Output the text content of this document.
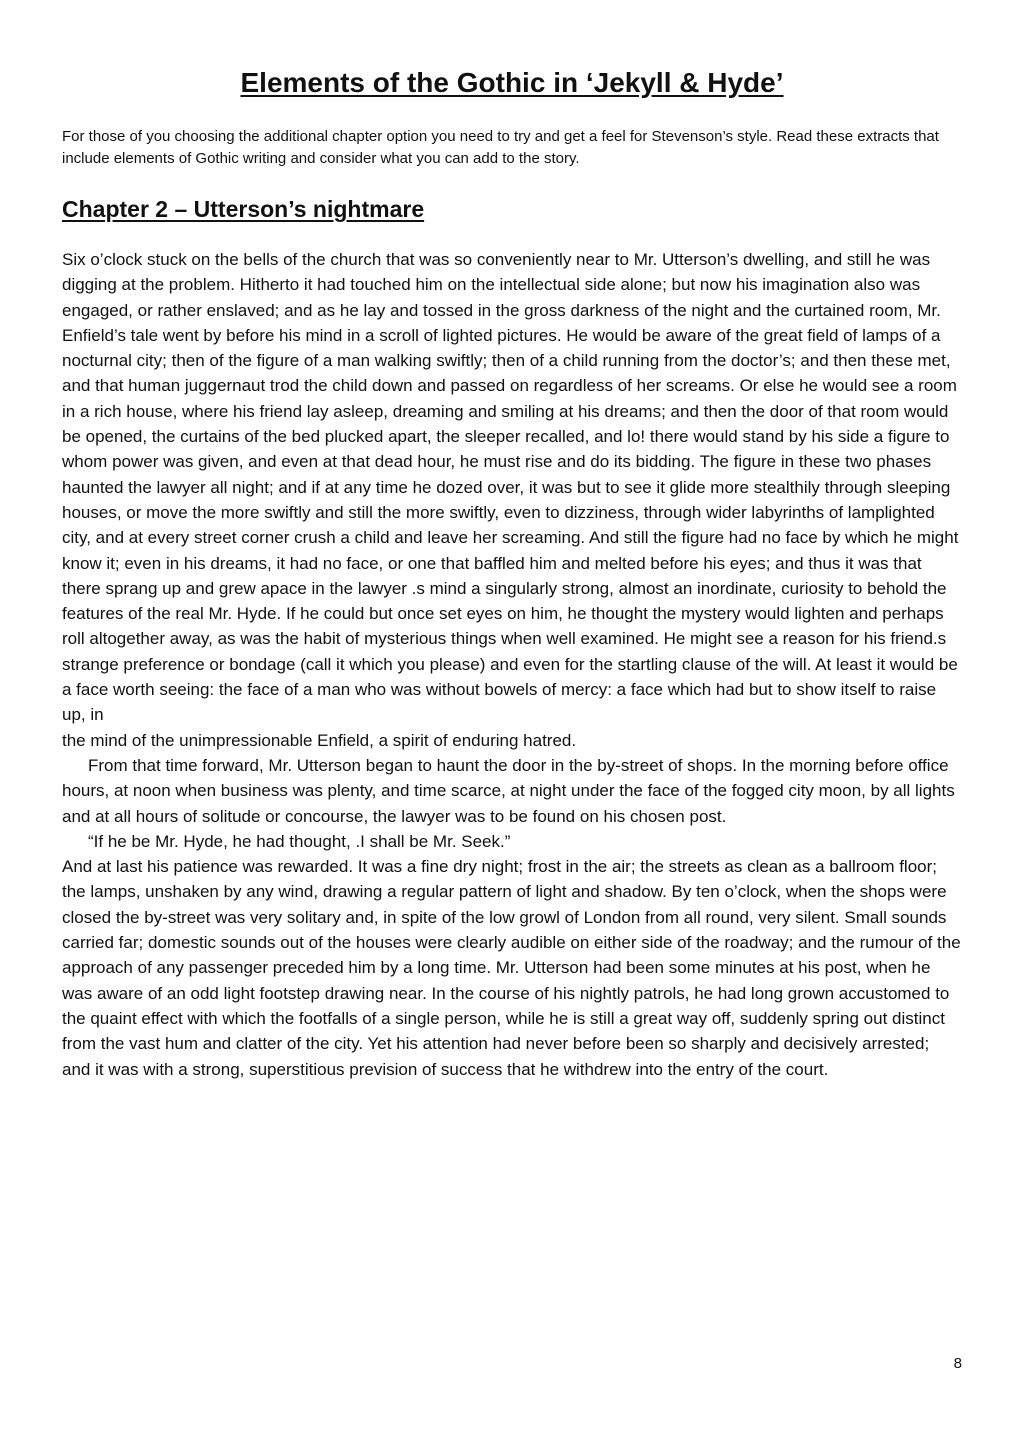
Elements of the Gothic in ‘Jekyll & Hyde’

For those of you choosing the additional chapter option you need to try and get a feel for Stevenson’s style. Read these extracts that include elements of Gothic writing and consider what you can add to the story.

Chapter 2 – Utterson’s nightmare

Six o’clock stuck on the bells of the church that was so conveniently near to Mr. Utterson’s dwelling, and still he was digging at the problem. Hitherto it had touched him on the intellectual side alone; but now his imagination also was engaged, or rather enslaved; and as he lay and tossed in the gross darkness of the night and the curtained room, Mr. Enfield’s tale went by before his mind in a scroll of lighted pictures. He would be aware of the great field of lamps of a nocturnal city; then of the figure of a man walking swiftly; then of a child running from the doctor’s; and then these met, and that human juggernaut trod the child down and passed on regardless of her screams. Or else he would see a room in a rich house, where his friend lay asleep, dreaming and smiling at his dreams; and then the door of that room would be opened, the curtains of the bed plucked apart, the sleeper recalled, and lo! there would stand by his side a figure to whom power was given, and even at that dead hour, he must rise and do its bidding. The figure in these two phases haunted the lawyer all night; and if at any time he dozed over, it was but to see it glide more stealthily through sleeping houses, or move the more swiftly and still the more swiftly, even to dizziness, through wider labyrinths of lamplighted city, and at every street corner crush a child and leave her screaming. And still the figure had no face by which he might know it; even in his dreams, it had no face, or one that baffled him and melted before his eyes; and thus it was that there sprang up and grew apace in the lawyer .s mind a singularly strong, almost an inordinate, curiosity to behold the features of the real Mr. Hyde. If he could but once set eyes on him, he thought the mystery would lighten and perhaps roll altogether away, as was the habit of mysterious things when well examined. He might see a reason for his friend.s strange preference or bondage (call it which you please) and even for the startling clause of the will. At least it would be a face worth seeing: the face of a man who was without bowels of mercy: a face which had but to show itself to raise up, in

the mind of the unimpressionable Enfield, a spirit of enduring hatred.

From that time forward, Mr. Utterson began to haunt the door in the by-street of shops. In the morning before office hours, at noon when business was plenty, and time scarce, at night under the face of the fogged city moon, by all lights and at all hours of solitude or concourse, the lawyer was to be found on his chosen post.

“If he be Mr. Hyde, he had thought, .I shall be Mr. Seek.”

And at last his patience was rewarded. It was a fine dry night; frost in the air; the streets as clean as a ballroom floor; the lamps, unshaken by any wind, drawing a regular pattern of light and shadow. By ten o’clock, when the shops were closed the by-street was very solitary and, in spite of the low growl of London from all round, very silent. Small sounds carried far; domestic sounds out of the houses were clearly audible on either side of the roadway; and the rumour of the approach of any passenger preceded him by a long time. Mr. Utterson had been some minutes at his post, when he was aware of an odd light footstep drawing near. In the course of his nightly patrols, he had long grown accustomed to the quaint effect with which the footfalls of a single person, while he is still a great way off, suddenly spring out distinct from the vast hum and clatter of the city. Yet his attention had never before been so sharply and decisively arrested; and it was with a strong, superstitious prevision of success that he withdrew into the entry of the court.

8
